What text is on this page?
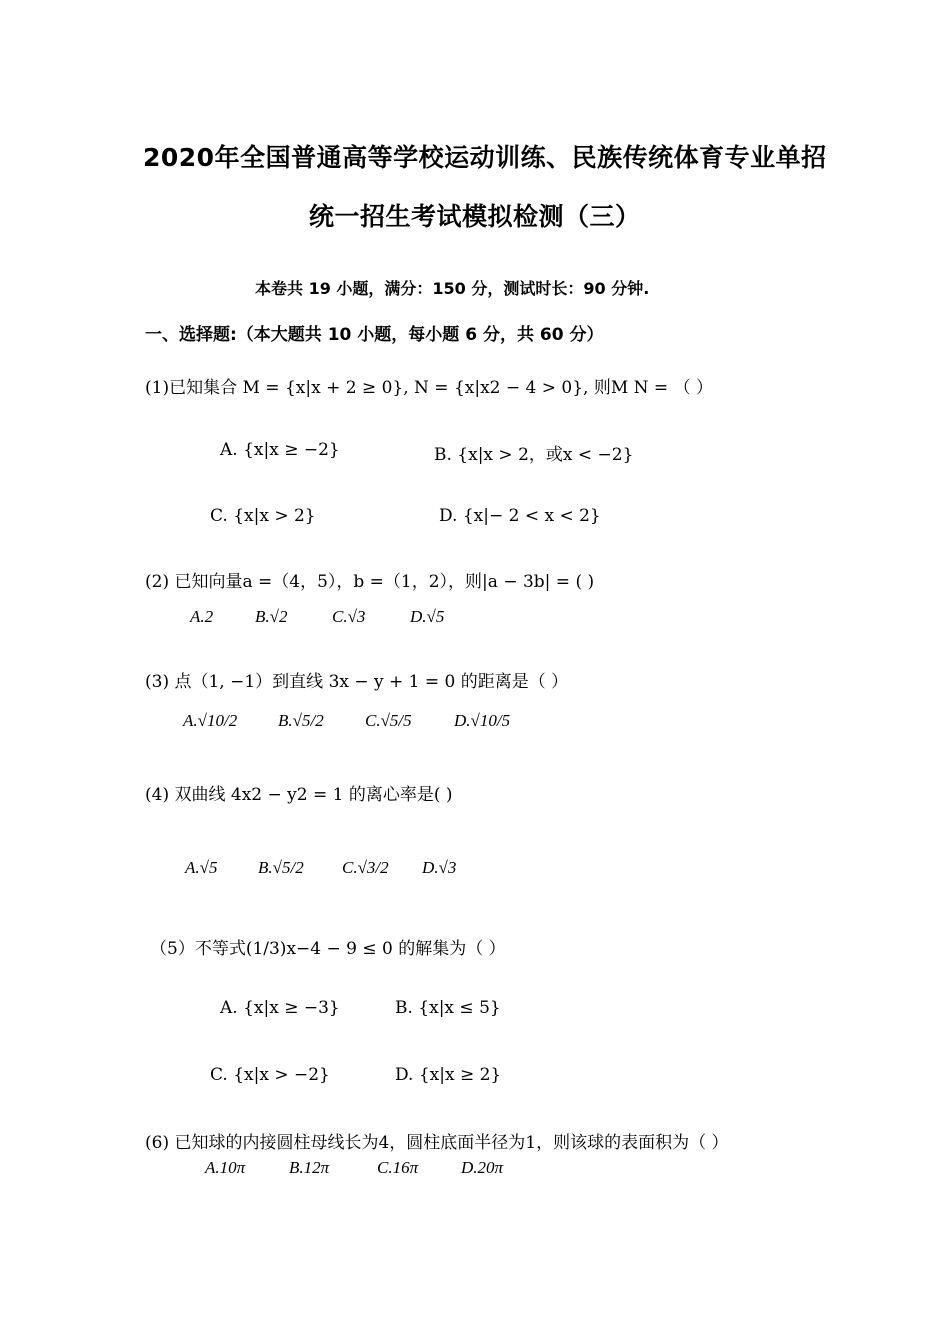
2020年全国普通高等学校运动训练、民族传统体育专业单招
统一招生考试模拟检测（三）
本卷共 19 小题，满分：150 分，测试时长：90 分钟.
一、选择题:（本大题共 10 小题，每小题 6 分，共 60 分）
(1)已知集合 M = {x|x + 2 ≥ 0}, N = {x|x2 − 4 > 0}, 则M N = （ ）
A. {x|x ≥ −2}	B. {x|x > 2，或x < −2}
C. {x|x > 2}	D. {x|− 2 < x < 2}
(2) 已知向量a =（4，5），b =（1，2），则|a − 3b| = ( )
A.2 B.√2	C.√3	D.√5
(3) 点（1, −1）到直线 3x − y + 1 = 0 的距离是（ ）
A.√10/2 B.√5/2 C.√5/5 D.√10/5
(4) 双曲线 4x2 − y2 = 1 的离心率是( )
A.√5 B.√5/2 C.√3/2 D.√3
（5）不等式(1/3)x−4 − 9 ≤ 0 的解集为（ ）
A. {x|x ≥ −3}	B. {x|x ≤ 5}
C. {x|x > −2}	D. {x|x ≥ 2}
(6) 已知球的内接圆柱母线长为4，圆柱底面半径为1，则该球的表面积为（ ）
A.10π	B.12π	C.16π	D.20π
